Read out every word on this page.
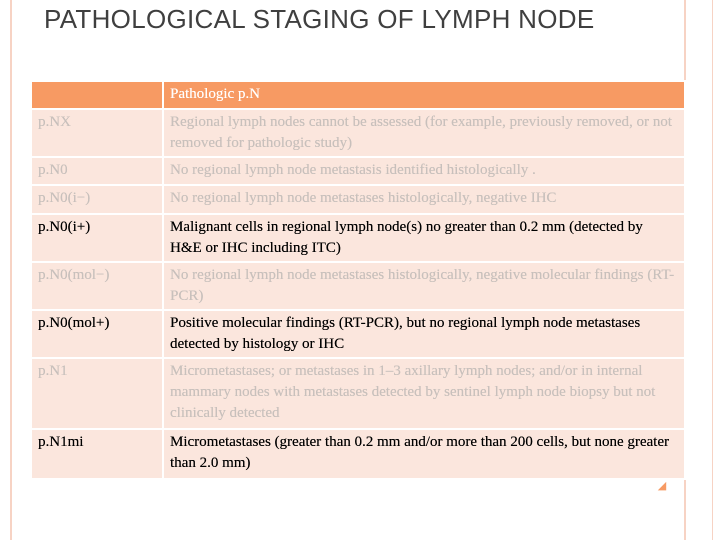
PATHOLOGICAL STAGING OF LYMPH NODE
	Pathologic p.N
p.NX	Regional lymph nodes cannot be assessed (for example, previously removed, or not removed for pathologic study)
p.N0	No regional lymph node metastasis identified histologically .
p.N0(i−)	No regional lymph node metastases histologically, negative IHC
p.N0(i+)	Malignant cells in regional lymph node(s) no greater than 0.2 mm (detected by H&E or IHC including ITC)
p.N0(mol−)	No regional lymph node metastases histologically, negative molecular findings (RT-PCR)
p.N0(mol+)	Positive molecular findings (RT-PCR), but no regional lymph node metastases detected by histology or IHC
p.N1	Micrometastases; or metastases in 1–3 axillary lymph nodes; and/or in internal mammary nodes with metastases detected by sentinel lymph node biopsy but not clinically detected
p.N1mi	Micrometastases (greater than 0.2 mm and/or more than 200 cells, but none greater than 2.0 mm)
◢
